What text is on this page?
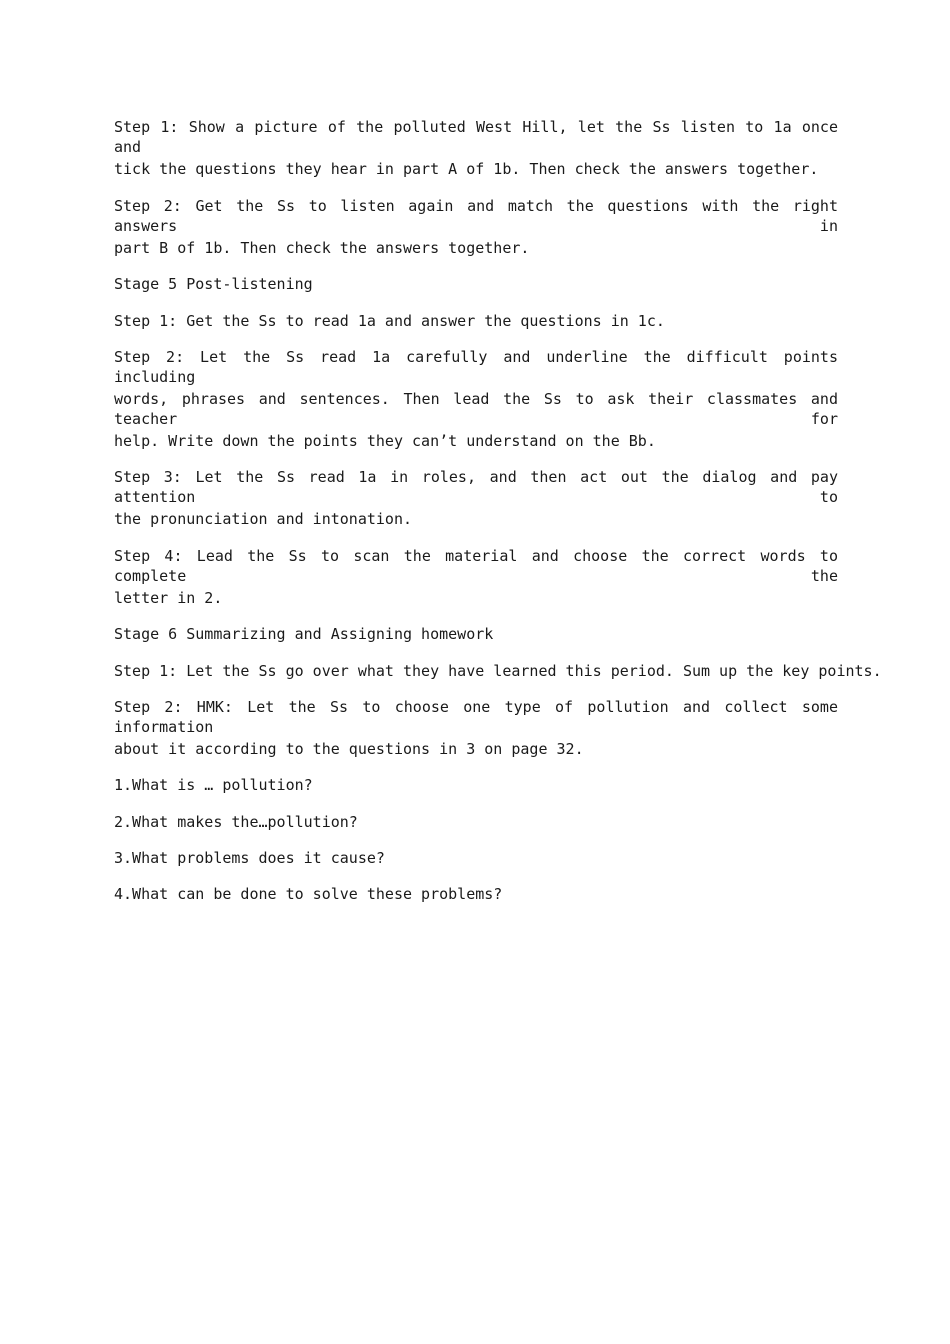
Step 1: Show a picture of the polluted West Hill, let the Ss listen to 1a once and
tick the questions they hear in part A of 1b. Then check the answers together.
Step 2: Get the Ss to listen again and match the questions with the right answers in
part B of 1b. Then check the answers together.
Stage 5 Post-listening
Step 1: Get the Ss to read 1a and answer the questions in 1c.
Step 2: Let the Ss read 1a carefully and underline the difficult points including
words, phrases and sentences. Then lead the Ss to ask their classmates and teacher for
help. Write down the points they can’t understand on the Bb.
Step 3: Let the Ss read 1a in roles, and then act out the dialog and pay attention to
the pronunciation and intonation.
Step 4: Lead the Ss to scan the material and choose the correct words to complete the
letter in 2.
Stage 6 Summarizing and Assigning homework
Step 1: Let the Ss go over what they have learned this period. Sum up the key points.
Step 2: HMK: Let the Ss to choose one type of pollution and collect some information
about it according to the questions in 3 on page 32.
1.What is … pollution?
2.What makes the…pollution?
3.What problems does it cause?
4.What can be done to solve these problems?
